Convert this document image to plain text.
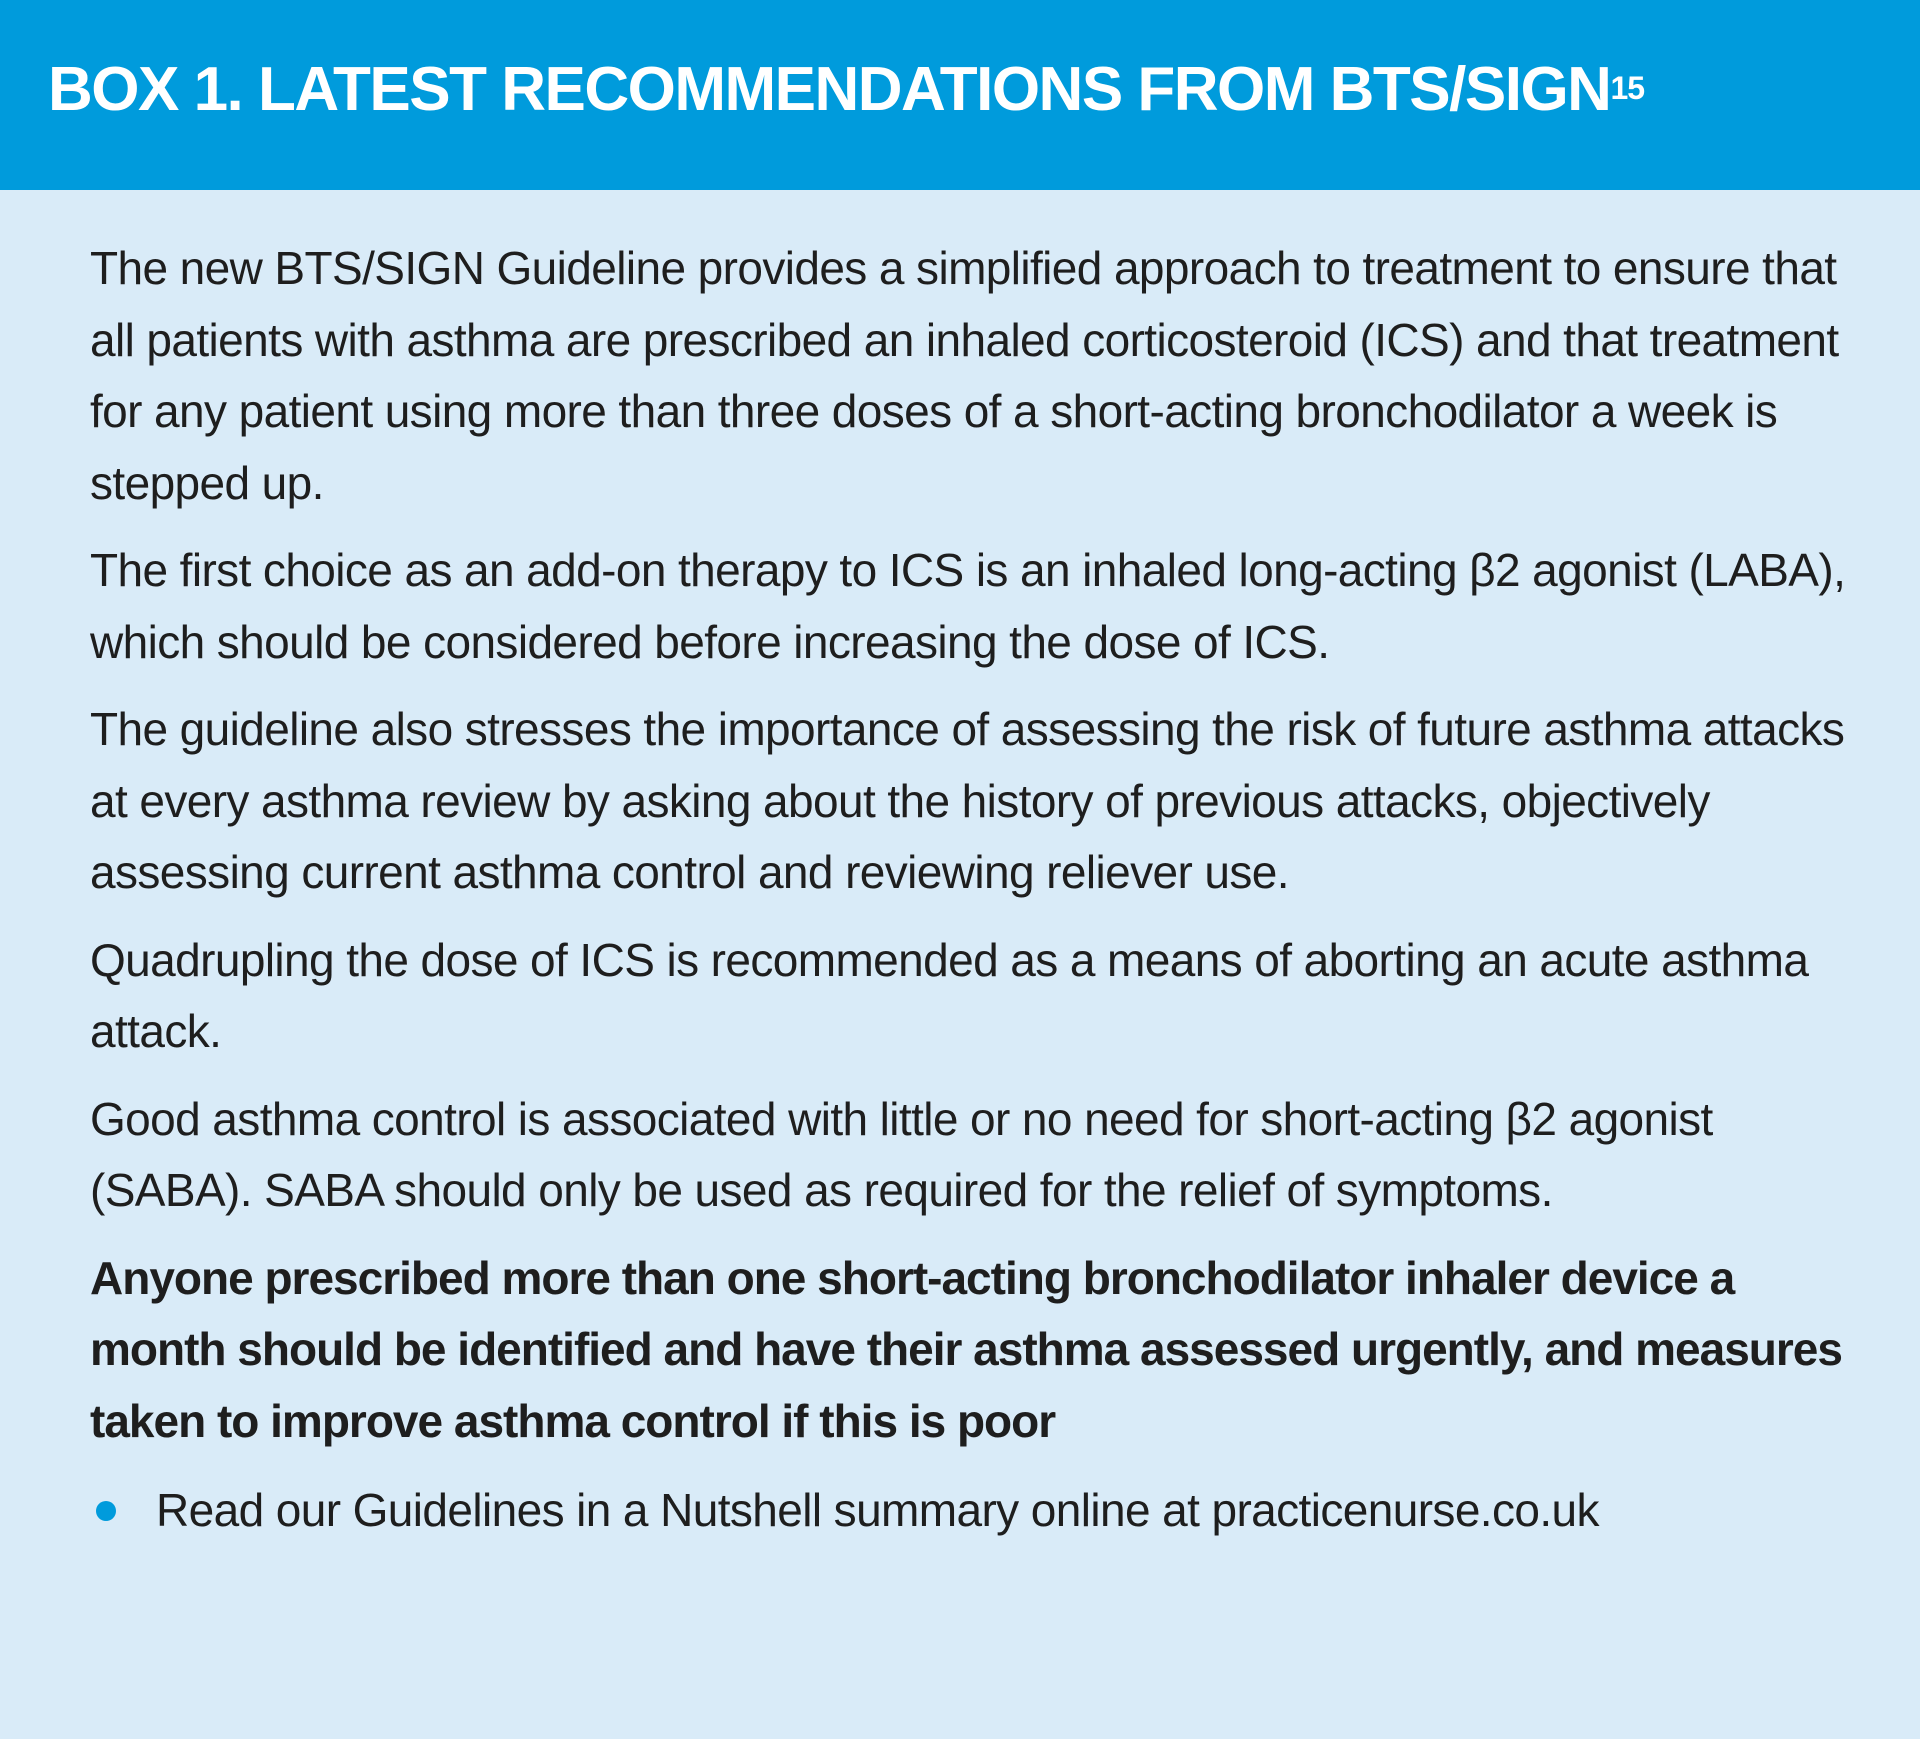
BOX 1. LATEST RECOMMENDATIONS FROM BTS/SIGN$^{15}$

The new BTS/SIGN Guideline provides a simplified approach to treatment to ensure that all patients with asthma are prescribed an inhaled corticosteroid (ICS) and that treatment for any patient using more than three doses of a short-acting bronchodilator a week is stepped up.

The first choice as an add-on therapy to ICS is an inhaled long-acting β2 agonist (LABA), which should be considered before increasing the dose of ICS.

The guideline also stresses the importance of assessing the risk of future asthma attacks at every asthma review by asking about the history of previous attacks, objectively assessing current asthma control and reviewing reliever use.

Quadrupling the dose of ICS is recommended as a means of aborting an acute asthma attack.

Good asthma control is associated with little or no need for short-acting β2 agonist (SABA). SABA should only be used as required for the relief of symptoms.

Anyone prescribed more than one short-acting bronchodilator inhaler device a month should be identified and have their asthma assessed urgently, and measures taken to improve asthma control if this is poor

Read our Guidelines in a Nutshell summary online at practicenurse.co.uk
